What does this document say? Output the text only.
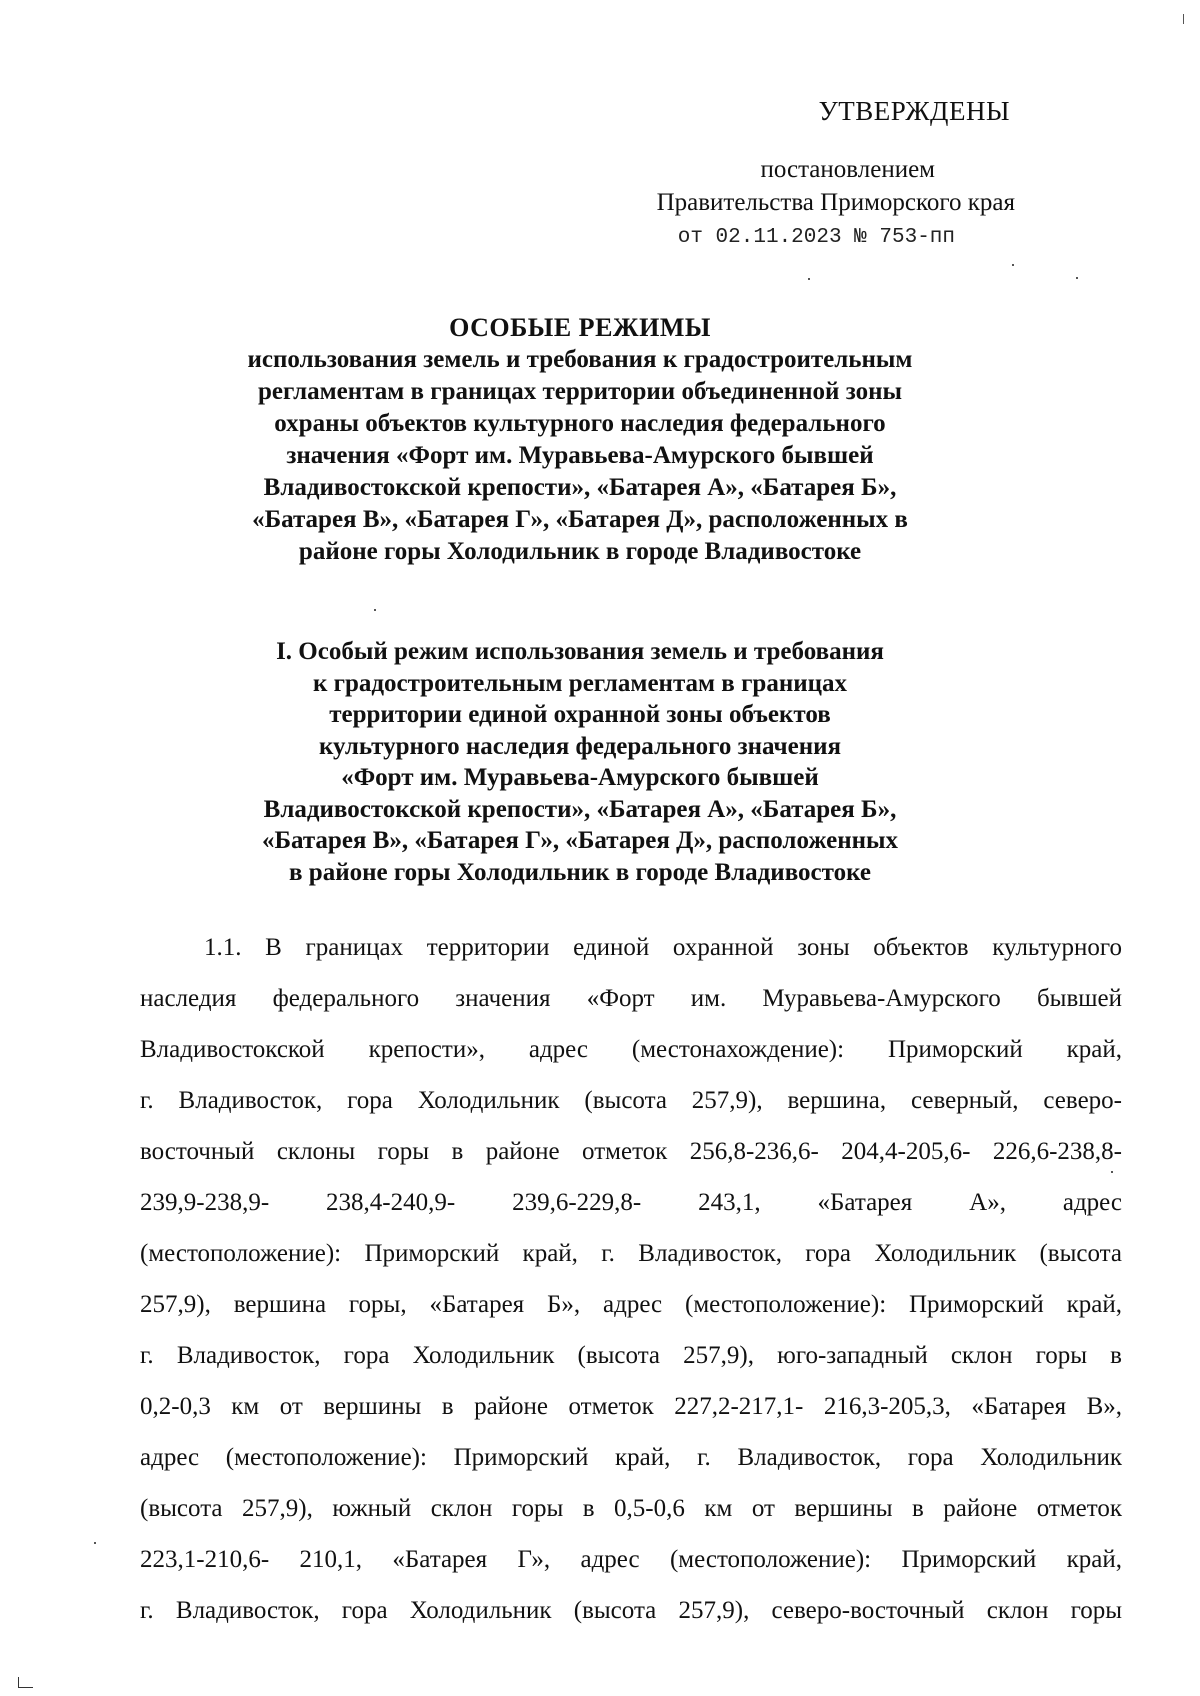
УТВЕРЖДЕНЫ
постановлением
Правительства Приморского края
от 02.11.2023 № 753-пп
ОСОБЫЕ РЕЖИМЫ
использования земель и требования к градостроительным
регламентам в границах территории объединенной зоны
охраны объектов культурного наследия федерального
значения «Форт им. Муравьева-Амурского бывшей
Владивостокской крепости», «Батарея А», «Батарея Б»,
«Батарея В», «Батарея Г», «Батарея Д», расположенных в
районе горы Холодильник в городе Владивостоке
I. Особый режим использования земель и требования
к градостроительным регламентам в границах
территории единой охранной зоны объектов
культурного наследия федерального значения
«Форт им. Муравьева-Амурского бывшей
Владивостокской крепости», «Батарея А», «Батарея Б»,
«Батарея В», «Батарея Г», «Батарея Д», расположенных
в районе горы Холодильник в городе Владивостоке
1.1. В границах территории единой охранной зоны объектов культурного
наследия федерального значения «Форт им. Муравьева-Амурского бывшей
Владивостокской крепости», адрес (местонахождение): Приморский край,
г. Владивосток, гора Холодильник (высота 257,9), вершина, северный, северо-
восточный склоны горы в районе отметок 256,8-236,6- 204,4-205,6- 226,6-238,8-
239,9-238,9- 238,4-240,9- 239,6-229,8- 243,1, «Батарея А», адрес
(местоположение): Приморский край, г. Владивосток, гора Холодильник (высота
257,9), вершина горы, «Батарея Б», адрес (местоположение): Приморский край,
г. Владивосток, гора Холодильник (высота 257,9), юго-западный склон горы в
0,2-0,3 км от вершины в районе отметок 227,2-217,1- 216,3-205,3, «Батарея В»,
адрес (местоположение): Приморский край, г. Владивосток, гора Холодильник
(высота 257,9), южный склон горы в 0,5-0,6 км от вершины в районе отметок
223,1-210,6- 210,1, «Батарея Г», адрес (местоположение): Приморский край,
г. Владивосток, гора Холодильник (высота 257,9), северо-восточный склон горы
